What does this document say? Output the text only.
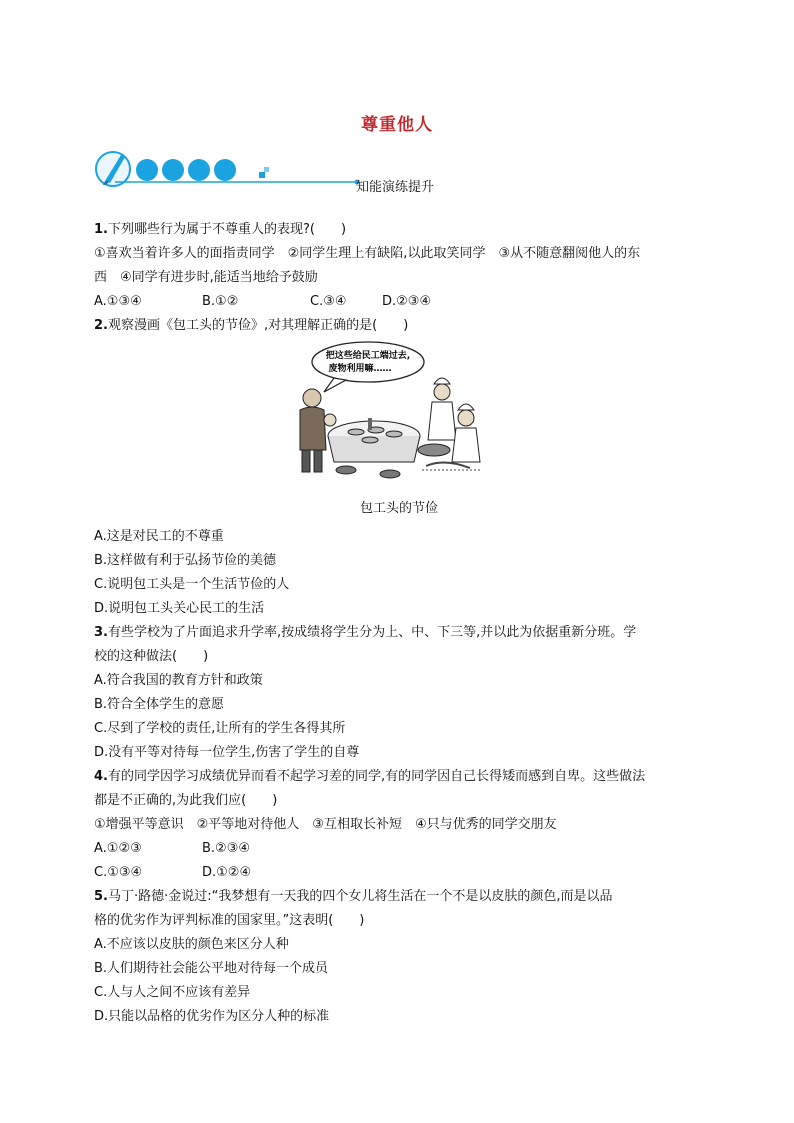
尊重他人
知能演练提升
1.下列哪些行为属于不尊重人的表现?(　　)
①喜欢当着许多人的面指责同学　②同学生理上有缺陷,以此取笑同学　③从不随意翻阅他人的东
西　④同学有进步时,能适当地给予鼓励
A.①③④	B.①②	C.③④	D.②③④
2.观察漫画《包工头的节俭》,对其理解正确的是(　　)
把这些给民工端过去,
废物利用嘛……
包工头的节俭
A.这是对民工的不尊重
B.这样做有利于弘扬节俭的美德
C.说明包工头是一个生活节俭的人
D.说明包工头关心民工的生活
3.有些学校为了片面追求升学率,按成绩将学生分为上、中、下三等,并以此为依据重新分班。学
校的这种做法(　　)
A.符合我国的教育方针和政策
B.符合全体学生的意愿
C.尽到了学校的责任,让所有的学生各得其所
D.没有平等对待每一位学生,伤害了学生的自尊
4.有的同学因学习成绩优异而看不起学习差的同学,有的同学因自己长得矮而感到自卑。这些做法
都是不正确的,为此我们应(　　)
①增强平等意识　②平等地对待他人　③互相取长补短　④只与优秀的同学交朋友
A.①②③	B.②③④
C.①③④	D.①②④
5.马丁·路德·金说过:“我梦想有一天我的四个女儿将生活在一个不是以皮肤的颜色,而是以品
格的优劣作为评判标准的国家里。”这表明(　　)
A.不应该以皮肤的颜色来区分人种
B.人们期待社会能公平地对待每一个成员
C.人与人之间不应该有差异
D.只能以品格的优劣作为区分人种的标准
